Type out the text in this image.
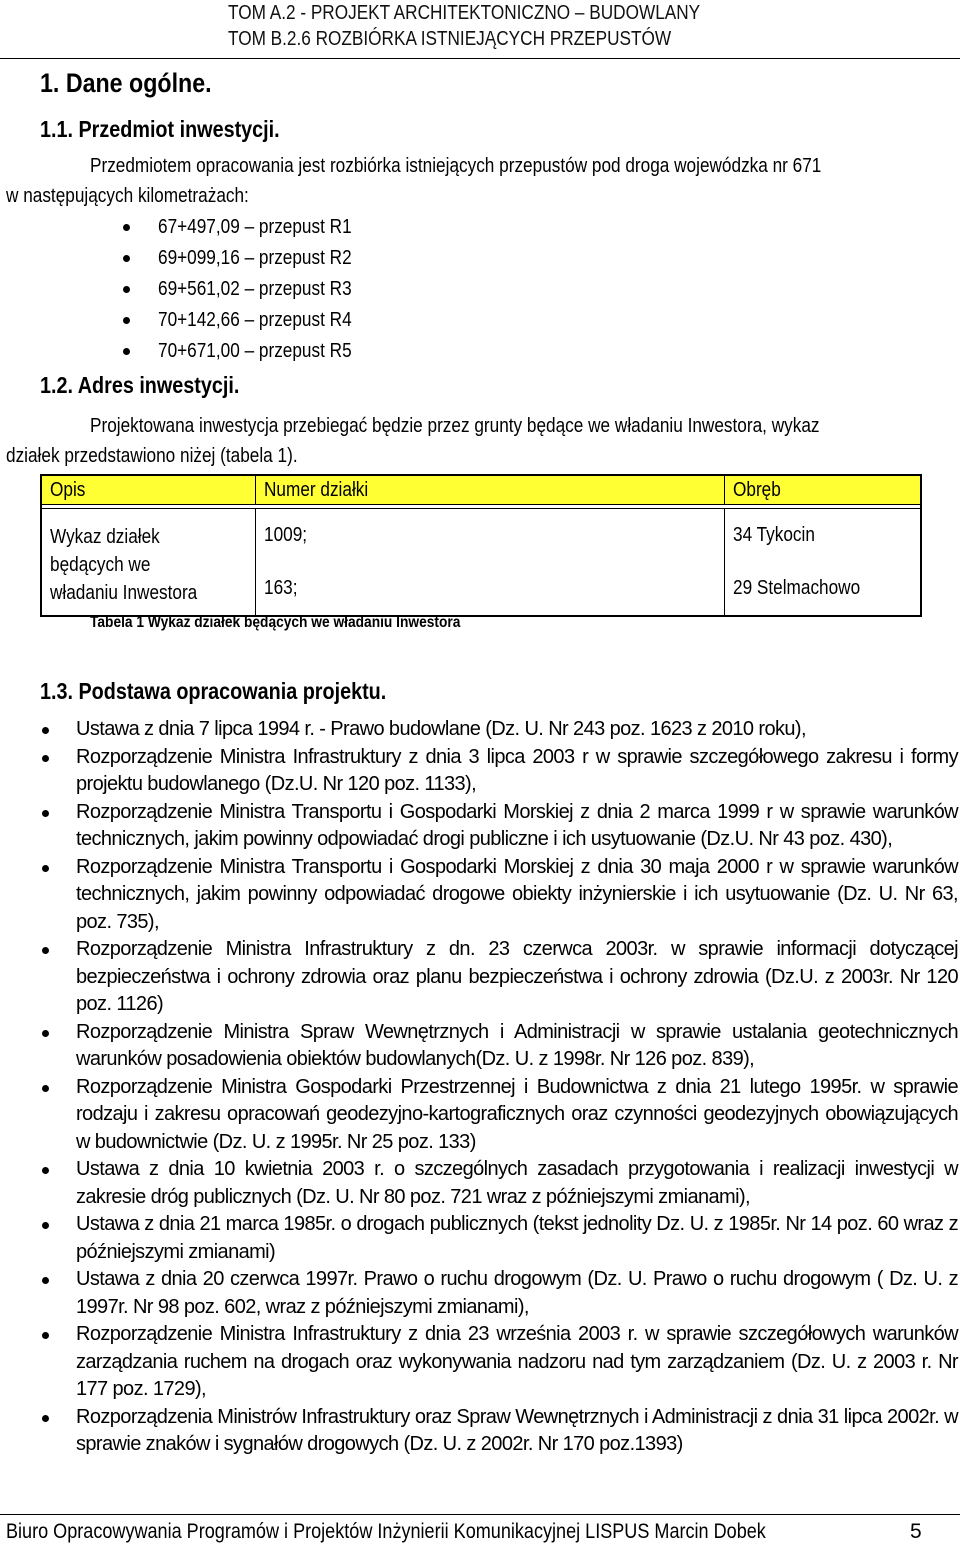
TOM A.2 - PROJEKT ARCHITEKTONICZNO – BUDOWLANY
TOM B.2.6 ROZBIÓRKA ISTNIEJĄCYCH PRZEPUSTÓW
1. Dane ogólne.
1.1. Przedmiot inwestycji.
Przedmiotem opracowania jest rozbiórka istniejących przepustów pod droga wojewódzka nr 671
w następujących kilometrażach:
67+497,09 – przepust R1
69+099,16 – przepust R2
69+561,02 – przepust R3
70+142,66 – przepust R4
70+671,00 – przepust R5
1.2. Adres inwestycji.
Projektowana inwestycja przebiegać będzie przez grunty będące we władaniu Inwestora, wykaz
działek przedstawiono niżej (tabela 1).
Opis	Numer działki	Obręb

Wykaz działek będących we władaniu Inwestora	1009;	34 Tykocin
	163;	29 Stelmachowo
Tabela 1 Wykaz działek będących we władaniu Inwestora
1.3. Podstawa opracowania projektu.
Ustawa z dnia 7 lipca 1994 r. - Prawo budowlane (Dz. U. Nr 243 poz. 1623 z 2010 roku),
Rozporządzenie Ministra Infrastruktury z dnia 3 lipca 2003 r w sprawie szczegółowego zakresu i formy projektu budowlanego (Dz.U. Nr 120 poz. 1133),
Rozporządzenie Ministra Transportu i Gospodarki Morskiej z dnia 2 marca 1999 r w sprawie warunków technicznych, jakim powinny odpowiadać drogi publiczne i ich usytuowanie (Dz.U. Nr 43 poz. 430),
Rozporządzenie Ministra Transportu i Gospodarki Morskiej z dnia 30 maja 2000 r w sprawie warunków technicznych, jakim powinny odpowiadać drogowe obiekty inżynierskie i ich usytuowanie (Dz. U. Nr 63, poz. 735),
Rozporządzenie Ministra Infrastruktury z dn. 23 czerwca 2003r. w sprawie informacji dotyczącej bezpieczeństwa i ochrony zdrowia oraz planu bezpieczeństwa i ochrony zdrowia (Dz.U. z 2003r. Nr 120 poz. 1126)
Rozporządzenie Ministra Spraw Wewnętrznych i Administracji w sprawie ustalania geotechnicznych warunków posadowienia obiektów budowlanych(Dz. U. z 1998r. Nr 126 poz. 839),
Rozporządzenie Ministra Gospodarki Przestrzennej i Budownictwa z dnia 21 lutego 1995r. w sprawie rodzaju i zakresu opracowań geodezyjno-kartograficznych oraz czynności geodezyjnych obowiązujących w budownictwie (Dz. U. z 1995r. Nr 25 poz. 133)
Ustawa z dnia 10 kwietnia 2003 r. o szczególnych zasadach przygotowania i realizacji inwestycji w zakresie dróg publicznych (Dz. U. Nr 80 poz. 721 wraz z późniejszymi zmianami),
Ustawa z dnia 21 marca 1985r. o drogach publicznych (tekst jednolity Dz. U. z 1985r. Nr 14 poz. 60 wraz z późniejszymi zmianami)
Ustawa z dnia 20 czerwca 1997r. Prawo o ruchu drogowym (Dz. U. Prawo o ruchu drogowym ( Dz. U. z 1997r. Nr 98 poz. 602, wraz z późniejszymi zmianami),
Rozporządzenie Ministra Infrastruktury z dnia 23 września 2003 r. w sprawie szczegółowych warunków zarządzania ruchem na drogach oraz wykonywania nadzoru nad tym zarządzaniem (Dz. U. z 2003 r. Nr 177 poz. 1729),
Rozporządzenia Ministrów Infrastruktury oraz Spraw Wewnętrznych i Administracji z dnia 31 lipca 2002r. w sprawie znaków i sygnałów drogowych (Dz. U. z 2002r. Nr 170 poz.1393)
Biuro Opracowywania Programów i Projektów Inżynierii Komunikacyjnej LISPUS Marcin Dobek	5
